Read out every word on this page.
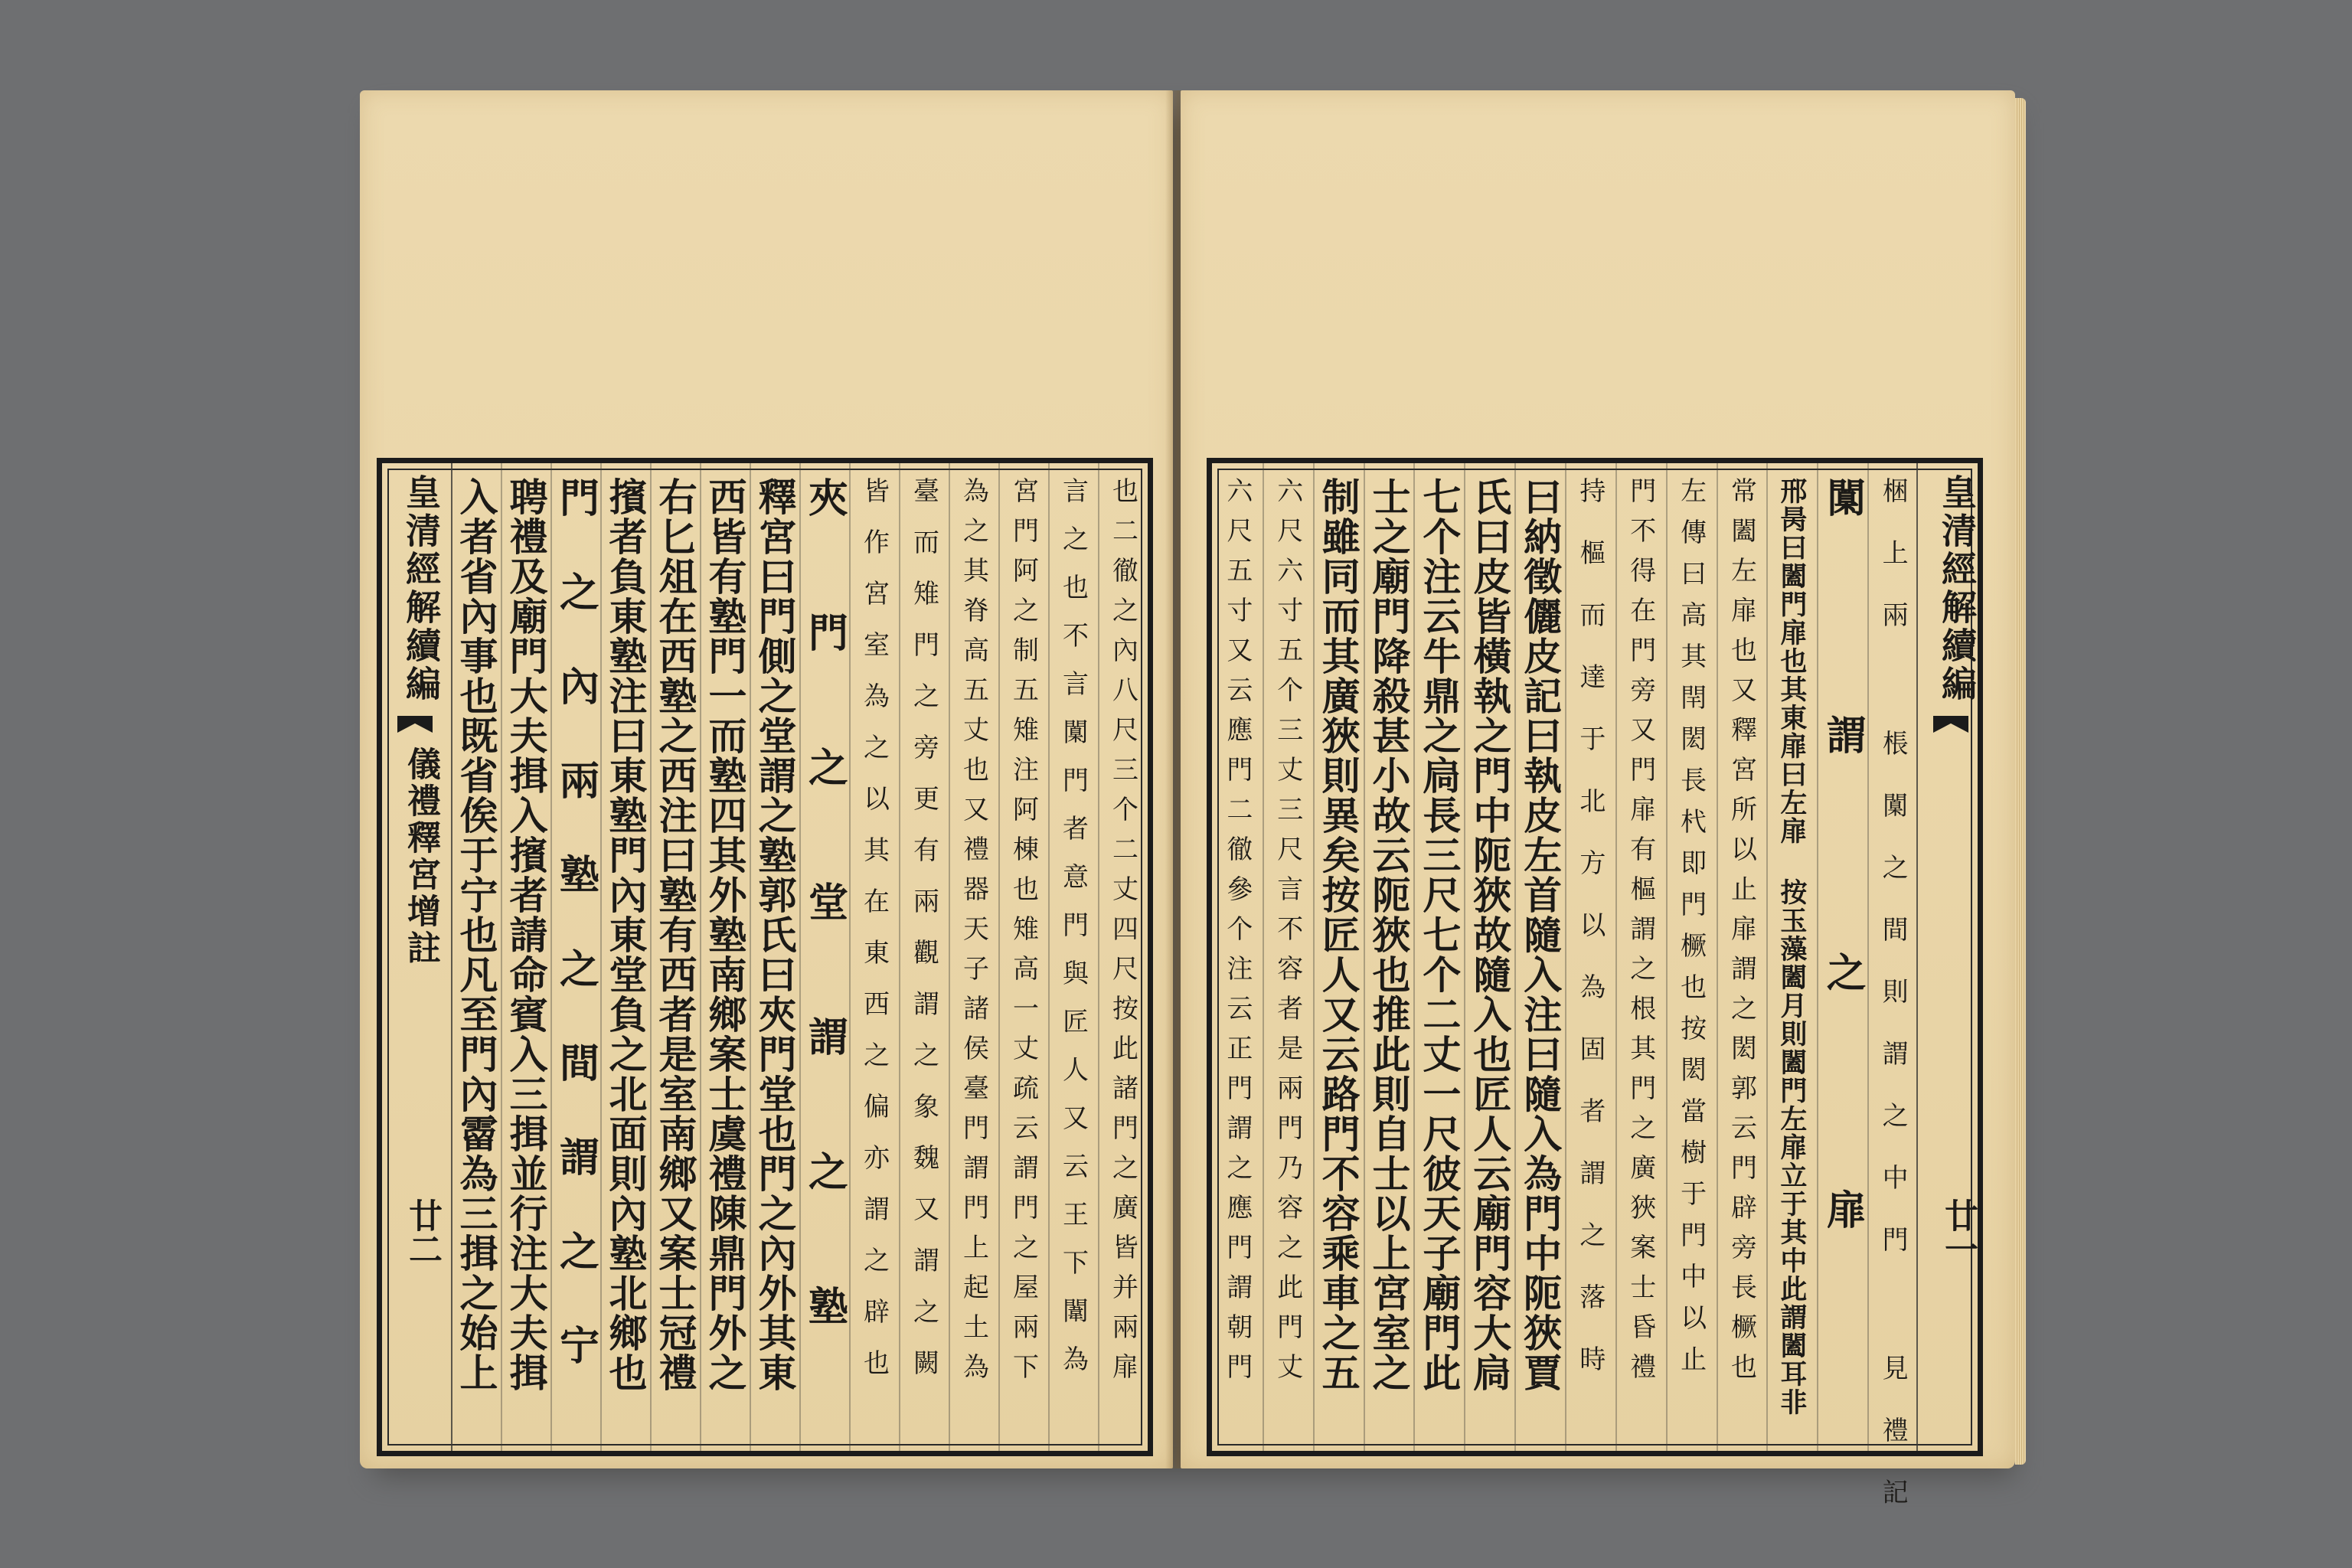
皇清經解續編
儀禮釋宮增註
廿二	也二徹之內八尺三个二丈四尺按此諸門之廣皆并兩扉
言之也不言闑門者意門與匠人又云王下闈為
宮門阿之制五雉注阿棟也雉高一丈疏云謂門之屋兩下
為之其脊高五丈也又禮器天子諸侯臺門謂門上起土為
臺而雉門之旁更有兩觀謂之象魏又謂之闕
皆作宮室為之以其在東西之偏亦謂之辟也
夾門之堂謂之塾
釋宮曰門側之堂謂之塾郭氏曰夾門堂也門之內外其東
西皆有塾門一而塾四其外塾南鄉案士虞禮陳鼎門外之
右匕俎在西塾之西注曰塾有西者是室南鄉又案士冠禮
擯者負東塾注曰東塾門內東堂負之北面則內塾北鄉也
門之內兩塾之間謂之宁
聘禮及廟門大夫揖入擯者請命賓入三揖並行注大夫揖
入者省內事也既省俟于宁也凡至門內霤為三揖之始上	皇清經解續編
廿一
梱上兩 棖闑之間則謂之中門 見禮記
闑謂之扉
邢昺曰闔門扉也其東扉曰左扉 按玉藻闔月則闔門左扉立于其中此謂闔耳非
常闔左扉也又釋宮所以止扉謂之閎郭云門辟旁長橛也
左傳曰高其閈閎長杙即門橛也按閎當樹于門中以止
門不得在門旁又門扉有樞謂之根其門之廣狹案士昏禮
持樞而達于北方以為固者謂之落時
曰納徵儷皮記曰執皮左首隨入注曰隨入為門中阨狹賈
氏曰皮皆橫執之門中阨狹故隨入也匠人云廟門容大扃
七个注云牛鼎之扃長三尺七个二丈一尺彼天子廟門此
士之廟門降殺甚小故云阨狹也推此則自士以上宮室之
制雖同而其廣狹則異矣按匠人又云路門不容乘車之五
六尺六寸五个三丈三尺言不容者是兩門乃容之此門丈
六尺五寸又云應門二徹參个注云正門謂之應門謂朝門
